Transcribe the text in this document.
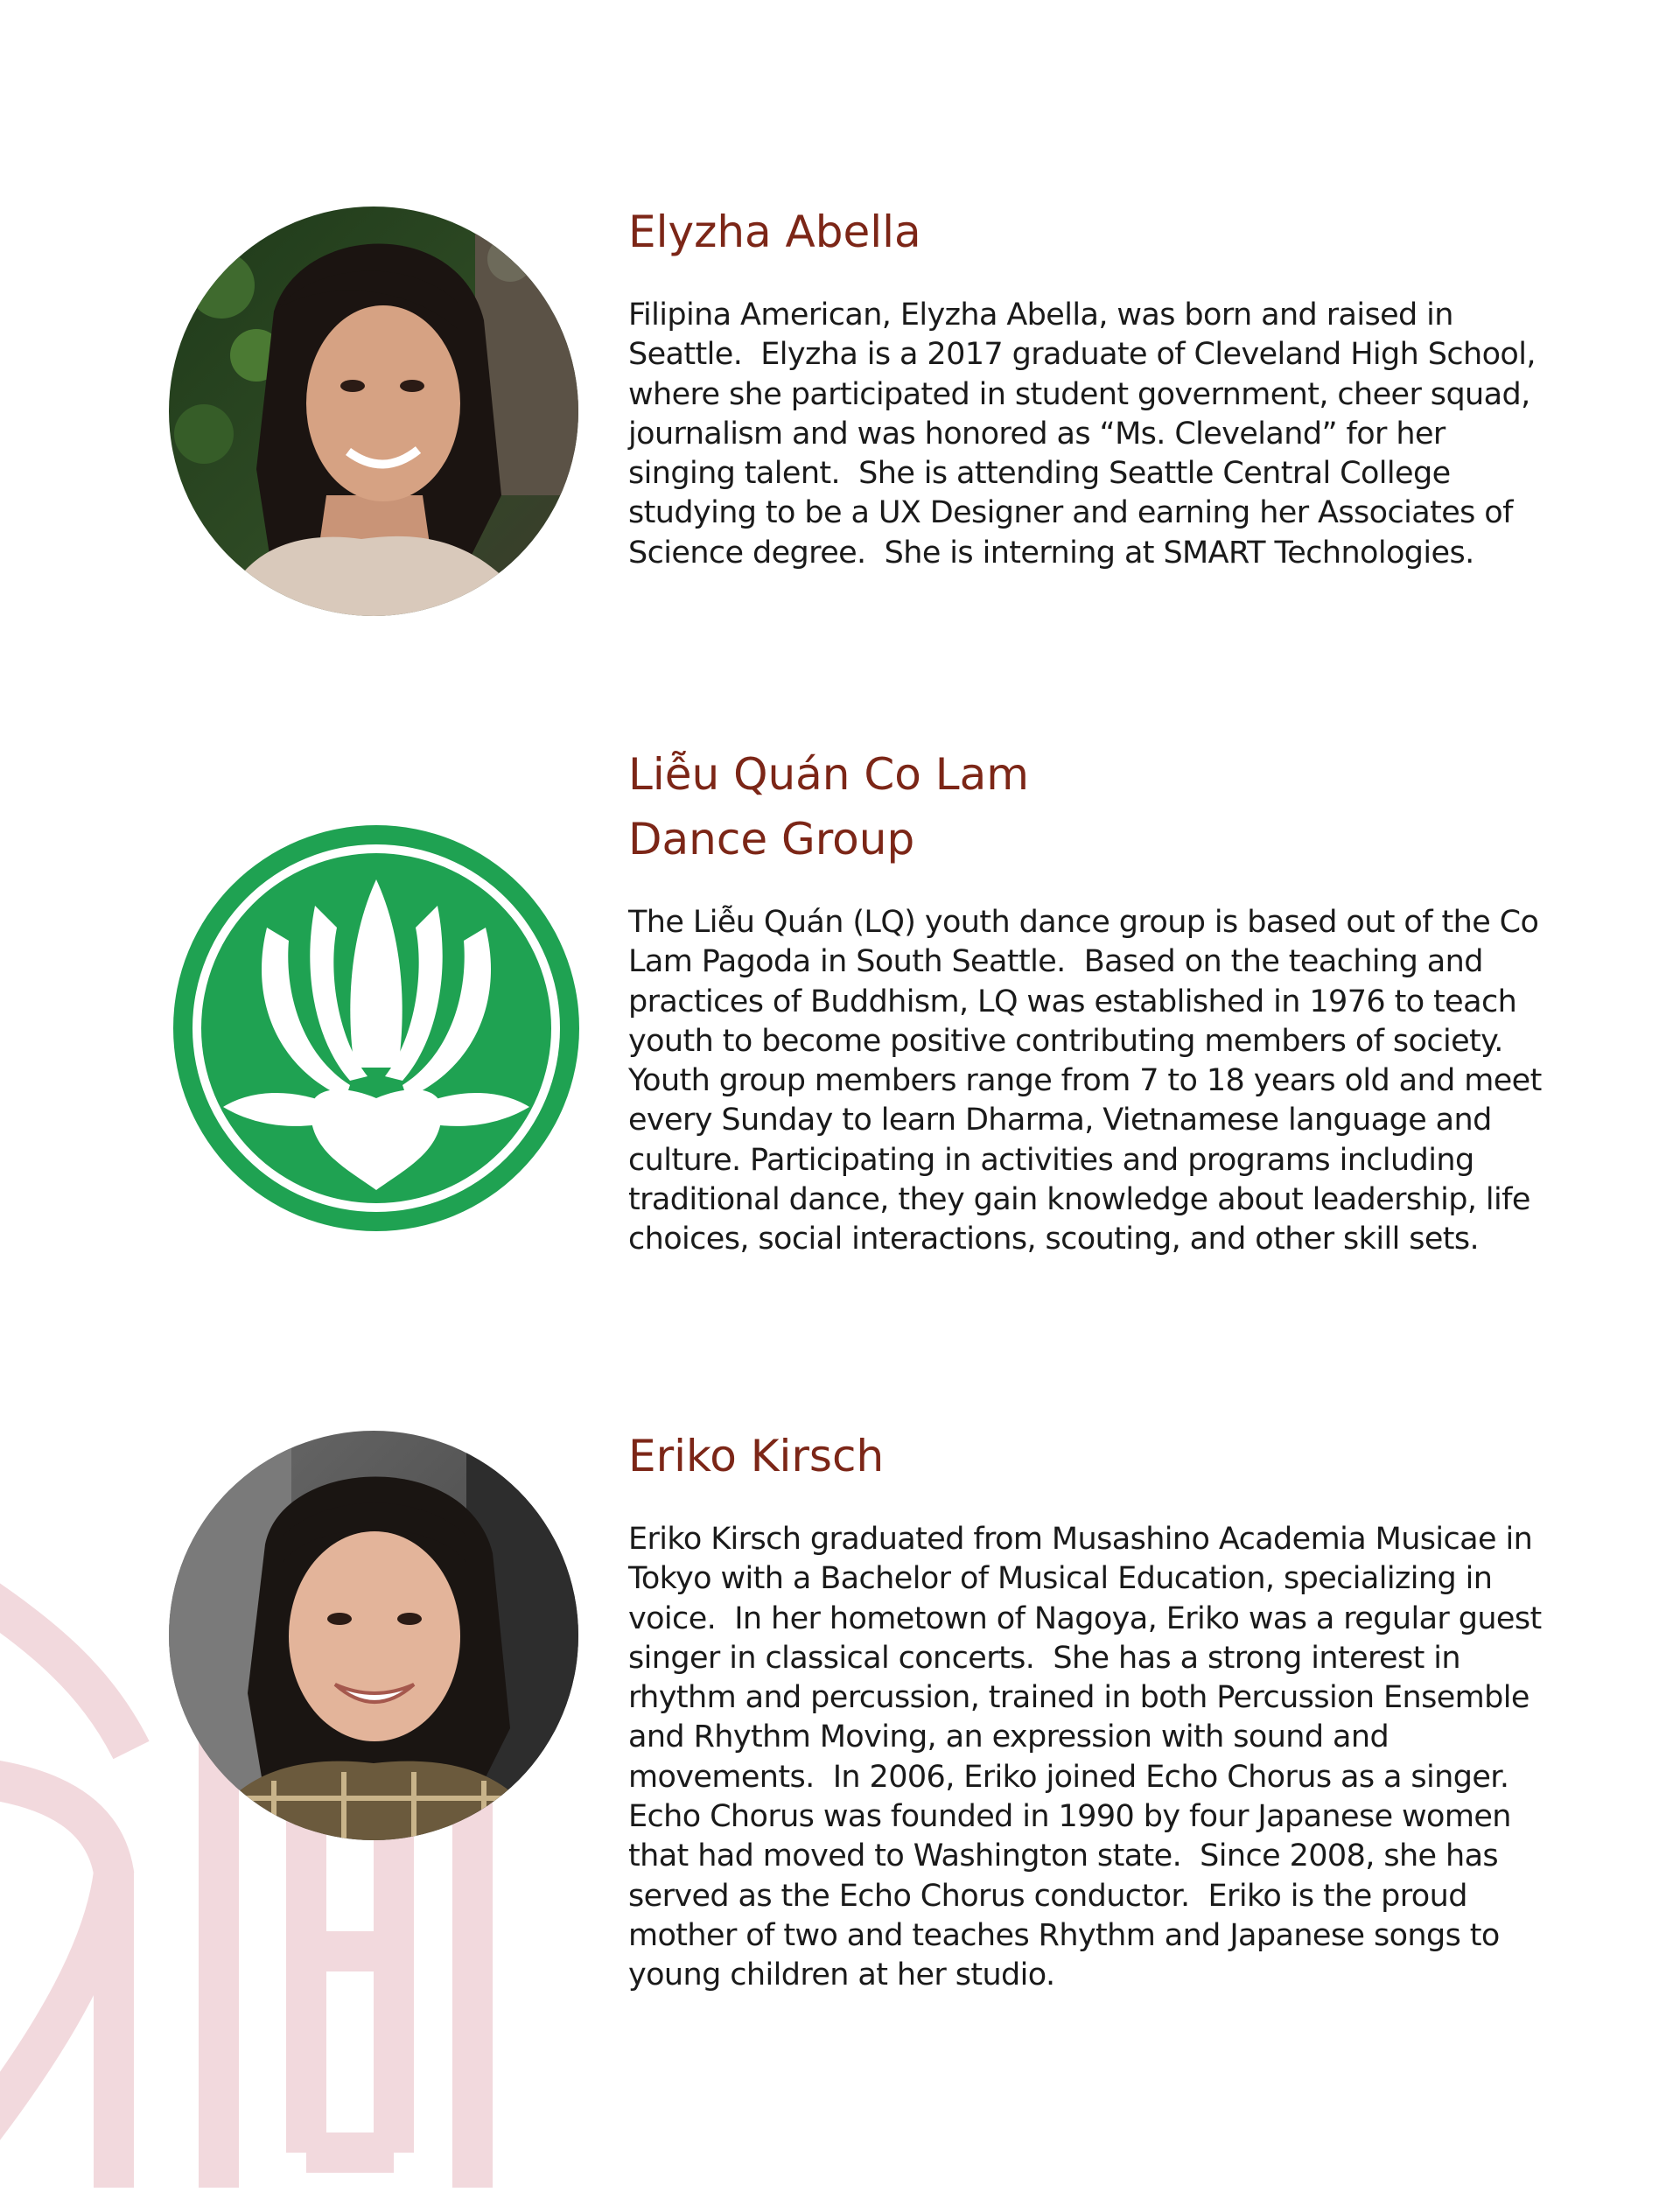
Elyzha Abella

Filipina American, Elyzha Abella, was born and raised in
Seattle.  Elyzha is a 2017 graduate of Cleveland High School,
where she participated in student government, cheer squad,
journalism and was honored as “Ms. Cleveland” for her
singing talent.  She is attending Seattle Central College
studying to be a UX Designer and earning her Associates of
Science degree.  She is interning at SMART Technologies.

Liễu Quán Co Lam
Dance Group

The Liễu Quán (LQ) youth dance group is based out of the Co
Lam Pagoda in South Seattle.  Based on the teaching and
practices of Buddhism, LQ was established in 1976 to teach
youth to become positive contributing members of society.
Youth group members range from 7 to 18 years old and meet
every Sunday to learn Dharma, Vietnamese language and
culture. Participating in activities and programs including
traditional dance, they gain knowledge about leadership, life
choices, social interactions, scouting, and other skill sets.

Eriko Kirsch

Eriko Kirsch graduated from Musashino Academia Musicae in
Tokyo with a Bachelor of Musical Education, specializing in
voice.  In her hometown of Nagoya, Eriko was a regular guest
singer in classical concerts.  She has a strong interest in
rhythm and percussion, trained in both Percussion Ensemble
and Rhythm Moving, an expression with sound and
movements.  In 2006, Eriko joined Echo Chorus as a singer.
Echo Chorus was founded in 1990 by four Japanese women
that had moved to Washington state.  Since 2008, she has
served as the Echo Chorus conductor.  Eriko is the proud
mother of two and teaches Rhythm and Japanese songs to
young children at her studio.
